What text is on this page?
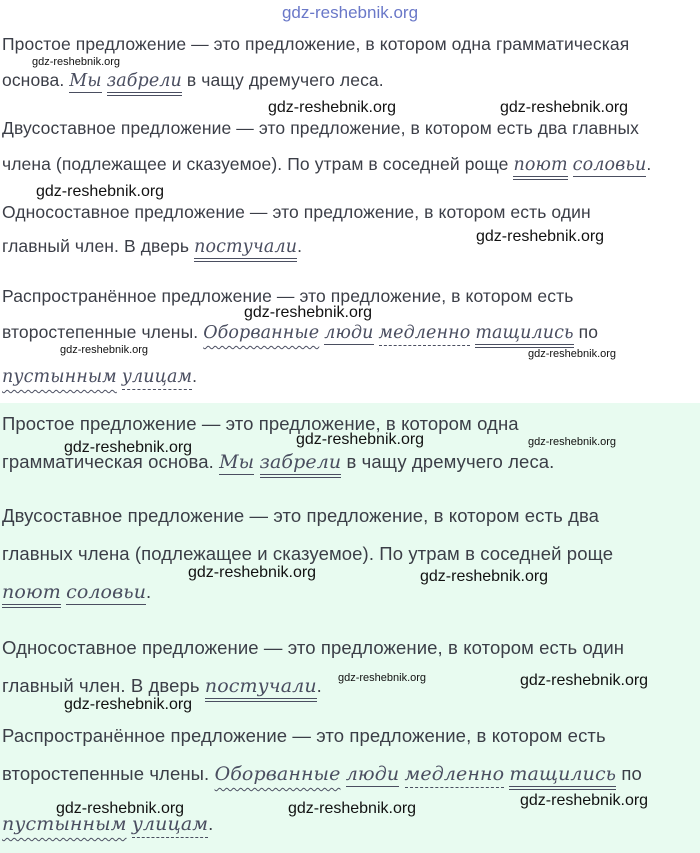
gdz-reshebnik.org
Простое предложение — это предложение, в котором одна грамматическая
основа. Мы забрели в чащу дремучего леса.
Двусоставное предложение — это предложение, в котором есть два главных
члена (подлежащее и сказуемое). По утрам в соседней роще поют соловьи.
Односоставное предложение — это предложение, в котором есть один
главный член. В дверь постучали.
Распространённое предложение — это предложение, в котором есть
второстепенные члены. Оборванные люди медленно тащились по
пустынным улицам.
gdz-reshebnik.org
gdz-reshebnik.org	gdz-reshebnik.org
gdz-reshebnik.org
gdz-reshebnik.org
gdz-reshebnik.org
gdz-reshebnik.org	gdz-reshebnik.org
Простое предложение — это предложение, в котором одна
грамматическая основа. Мы забрели в чащу дремучего леса.
Двусоставное предложение — это предложение, в котором есть два
главных члена (подлежащее и сказуемое). По утрам в соседней роще
поют соловьи.
Односоставное предложение — это предложение, в котором есть один
главный член. В дверь постучали.
Распространённое предложение — это предложение, в котором есть
второстепенные члены. Оборванные люди медленно тащились по
пустынным улицам.
gdz-reshebnik.org	gdz-reshebnik.org	gdz-reshebnik.org
gdz-reshebnik.org	gdz-reshebnik.org
gdz-reshebnik.org	gdz-reshebnik.org
gdz-reshebnik.org
gdz-reshebnik.org	gdz-reshebnik.org	gdz-reshebnik.org
